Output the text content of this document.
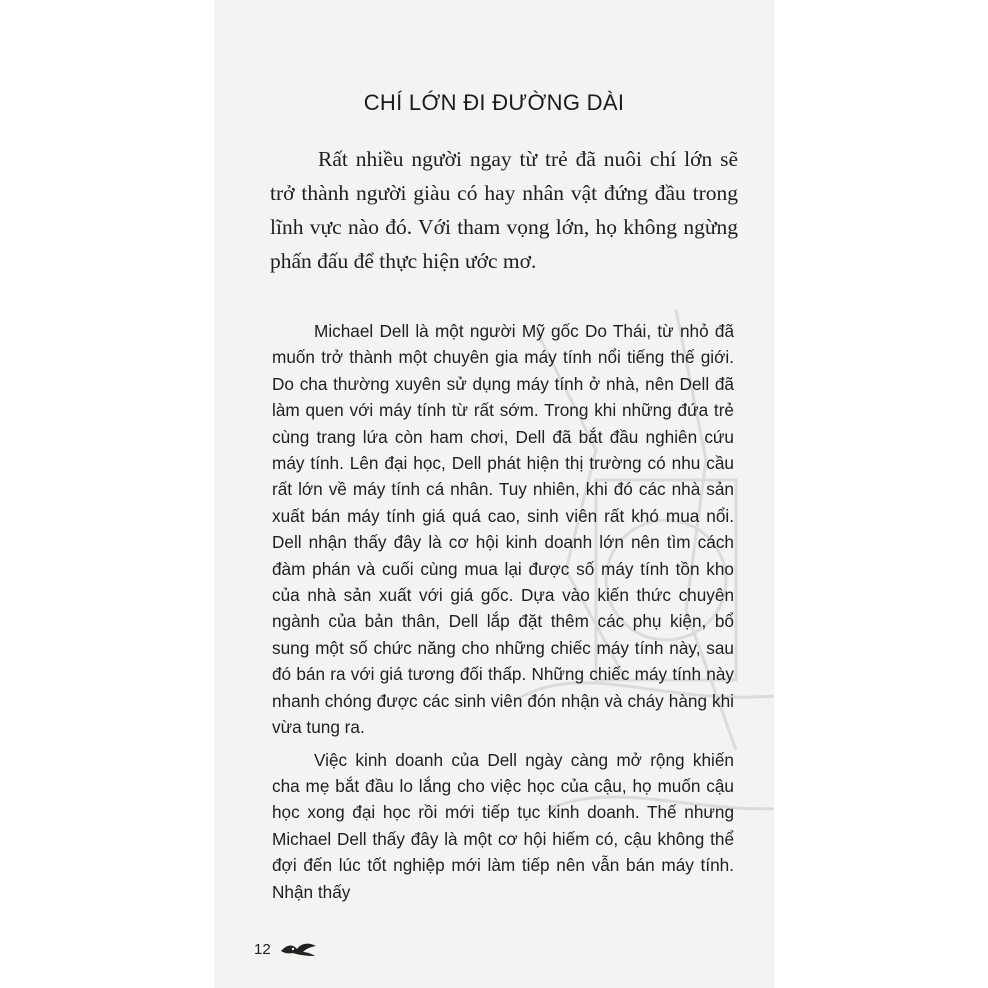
CHÍ LỚN ĐI ĐƯỜNG DÀI
Rất nhiều người ngay từ trẻ đã nuôi chí lớn sẽ trở thành người giàu có hay nhân vật đứng đầu trong lĩnh vực nào đó. Với tham vọng lớn, họ không ngừng phấn đấu để thực hiện ước mơ.

Michael Dell là một người Mỹ gốc Do Thái, từ nhỏ đã muốn trở thành một chuyên gia máy tính nổi tiếng thế giới. Do cha thường xuyên sử dụng máy tính ở nhà, nên Dell đã làm quen với máy tính từ rất sớm. Trong khi những đứa trẻ cùng trang lứa còn ham chơi, Dell đã bắt đầu nghiên cứu máy tính. Lên đại học, Dell phát hiện thị trường có nhu cầu rất lớn về máy tính cá nhân. Tuy nhiên, khi đó các nhà sản xuất bán máy tính giá quá cao, sinh viên rất khó mua nổi. Dell nhận thấy đây là cơ hội kinh doanh lớn nên tìm cách đàm phán và cuối cùng mua lại được số máy tính tồn kho của nhà sản xuất với giá gốc. Dựa vào kiến thức chuyên ngành của bản thân, Dell lắp đặt thêm các phụ kiện, bổ sung một số chức năng cho những chiếc máy tính này, sau đó bán ra với giá tương đối thấp. Những chiếc máy tính này nhanh chóng được các sinh viên đón nhận và cháy hàng khi vừa tung ra.

Việc kinh doanh của Dell ngày càng mở rộng khiến cha mẹ bắt đầu lo lắng cho việc học của cậu, họ muốn cậu học xong đại học rồi mới tiếp tục kinh doanh. Thế nhưng Michael Dell thấy đây là một cơ hội hiếm có, cậu không thể đợi đến lúc tốt nghiệp mới làm tiếp nên vẫn bán máy tính. Nhận thấy

12
